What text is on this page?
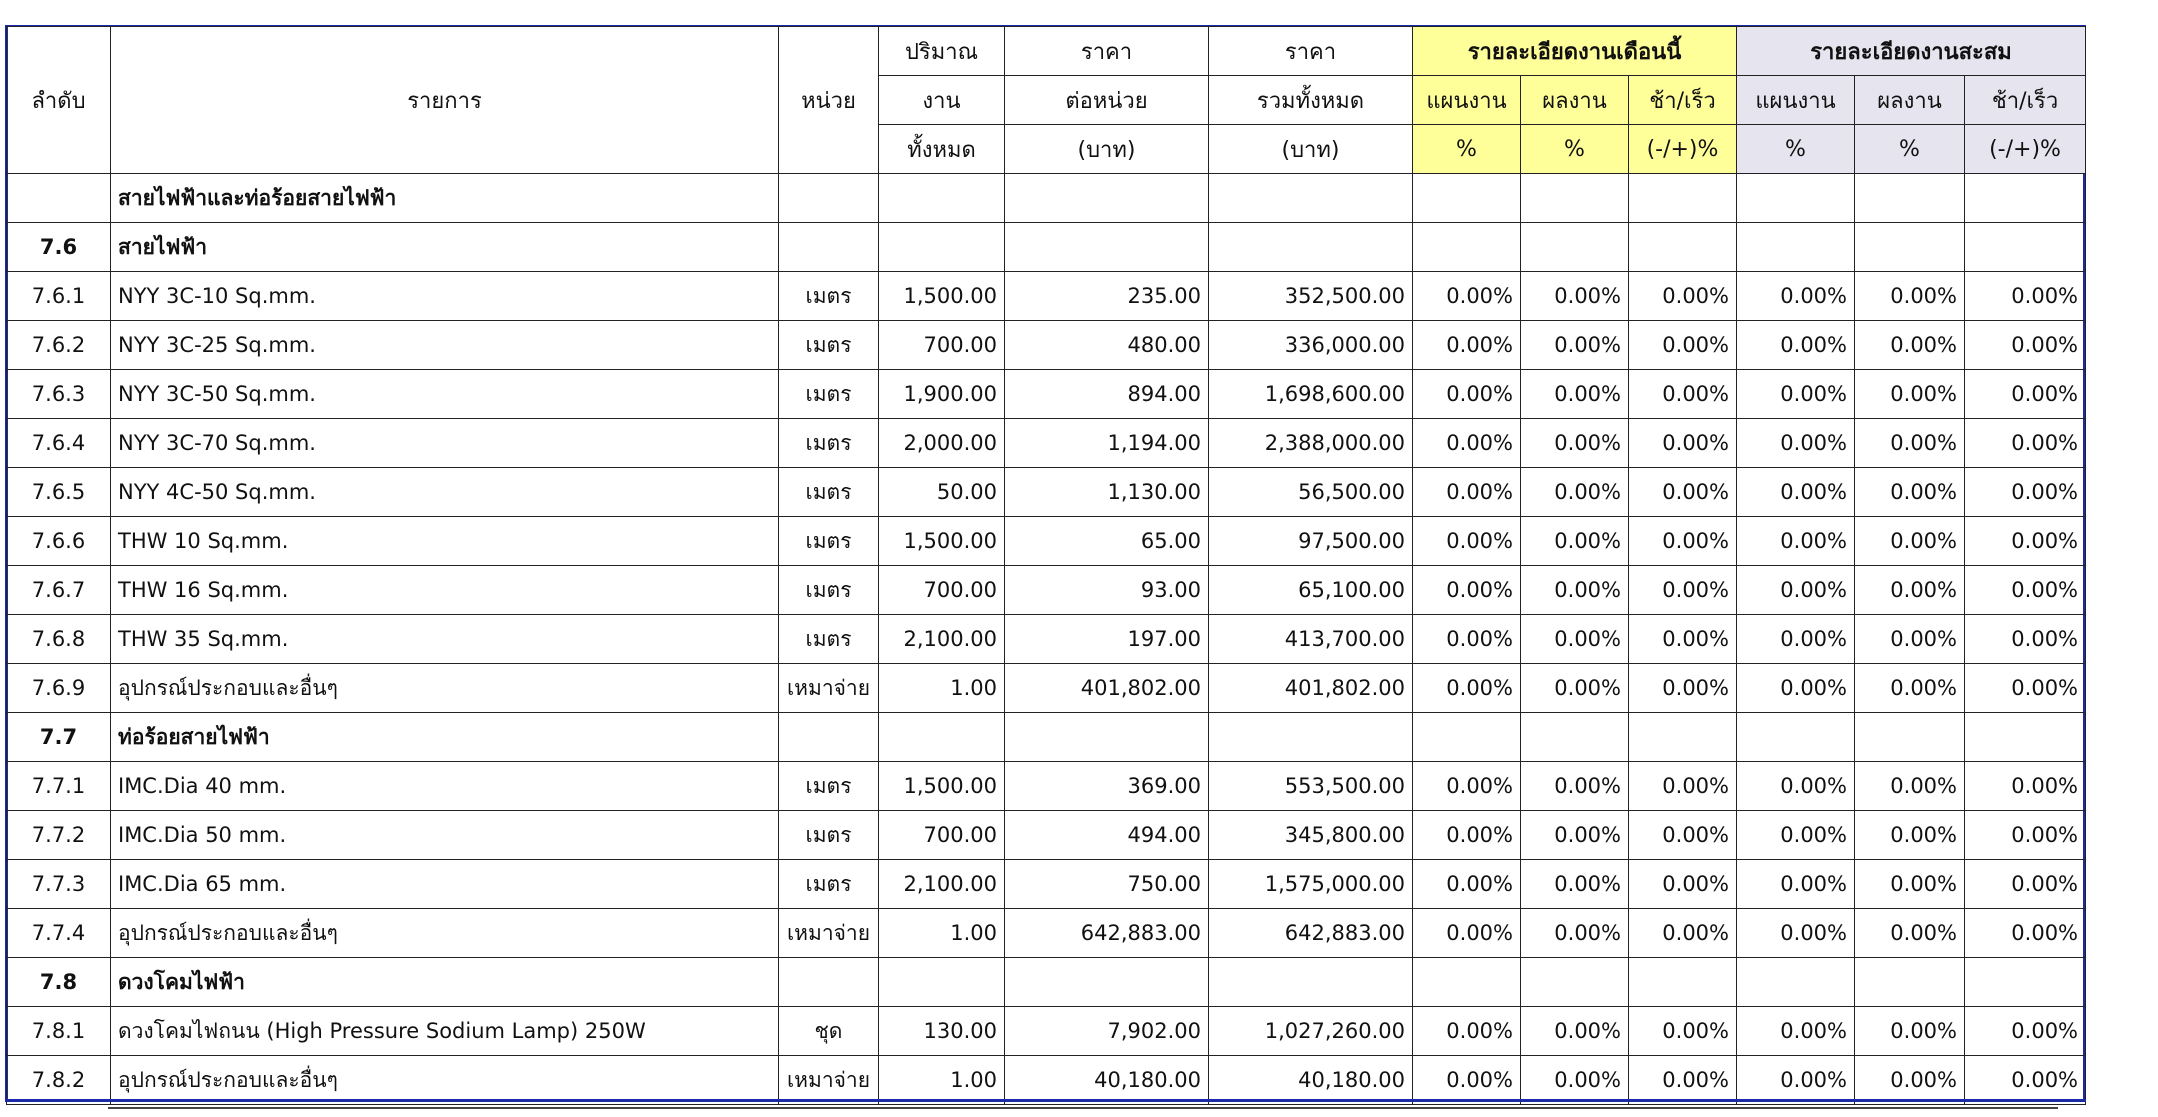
ลำดับ	รายการ	หน่วย	ปริมาณ	ราคา	ราคา	รายละเอียดงานเดือนนี้			รายละเอียดงานสะสม		
			งาน	ต่อหน่วย	รวมทั้งหมด	แผนงาน	ผลงาน	ช้า/เร็ว	แผนงาน	ผลงาน	ช้า/เร็ว
			ทั้งหมด	(บาท)	(บาท)	%	%	(-/+)%	%	%	(-/+)%
	สายไฟฟ้าและท่อร้อยสายไฟฟ้า										
7.6	สายไฟฟ้า										
7.6.1	NYY 3C-10 Sq.mm.	เมตร	1,500.00	235.00	352,500.00	0.00%	0.00%	0.00%	0.00%	0.00%	0.00%
7.6.2	NYY 3C-25 Sq.mm.	เมตร	700.00	480.00	336,000.00	0.00%	0.00%	0.00%	0.00%	0.00%	0.00%
7.6.3	NYY 3C-50 Sq.mm.	เมตร	1,900.00	894.00	1,698,600.00	0.00%	0.00%	0.00%	0.00%	0.00%	0.00%
7.6.4	NYY 3C-70 Sq.mm.	เมตร	2,000.00	1,194.00	2,388,000.00	0.00%	0.00%	0.00%	0.00%	0.00%	0.00%
7.6.5	NYY 4C-50 Sq.mm.	เมตร	50.00	1,130.00	56,500.00	0.00%	0.00%	0.00%	0.00%	0.00%	0.00%
7.6.6	THW 10 Sq.mm.	เมตร	1,500.00	65.00	97,500.00	0.00%	0.00%	0.00%	0.00%	0.00%	0.00%
7.6.7	THW 16 Sq.mm.	เมตร	700.00	93.00	65,100.00	0.00%	0.00%	0.00%	0.00%	0.00%	0.00%
7.6.8	THW 35 Sq.mm.	เมตร	2,100.00	197.00	413,700.00	0.00%	0.00%	0.00%	0.00%	0.00%	0.00%
7.6.9	อุปกรณ์ประกอบและอื่นๆ	เหมาจ่าย	1.00	401,802.00	401,802.00	0.00%	0.00%	0.00%	0.00%	0.00%	0.00%
7.7	ท่อร้อยสายไฟฟ้า										
7.7.1	IMC.Dia 40 mm.	เมตร	1,500.00	369.00	553,500.00	0.00%	0.00%	0.00%	0.00%	0.00%	0.00%
7.7.2	IMC.Dia 50 mm.	เมตร	700.00	494.00	345,800.00	0.00%	0.00%	0.00%	0.00%	0.00%	0.00%
7.7.3	IMC.Dia 65 mm.	เมตร	2,100.00	750.00	1,575,000.00	0.00%	0.00%	0.00%	0.00%	0.00%	0.00%
7.7.4	อุปกรณ์ประกอบและอื่นๆ	เหมาจ่าย	1.00	642,883.00	642,883.00	0.00%	0.00%	0.00%	0.00%	0.00%	0.00%
7.8	ดวงโคมไฟฟ้า										
7.8.1	ดวงโคมไฟถนน (High Pressure Sodium Lamp) 250W	ชุด	130.00	7,902.00	1,027,260.00	0.00%	0.00%	0.00%	0.00%	0.00%	0.00%
7.8.2	อุปกรณ์ประกอบและอื่นๆ	เหมาจ่าย	1.00	40,180.00	40,180.00	0.00%	0.00%	0.00%	0.00%	0.00%	0.00%
